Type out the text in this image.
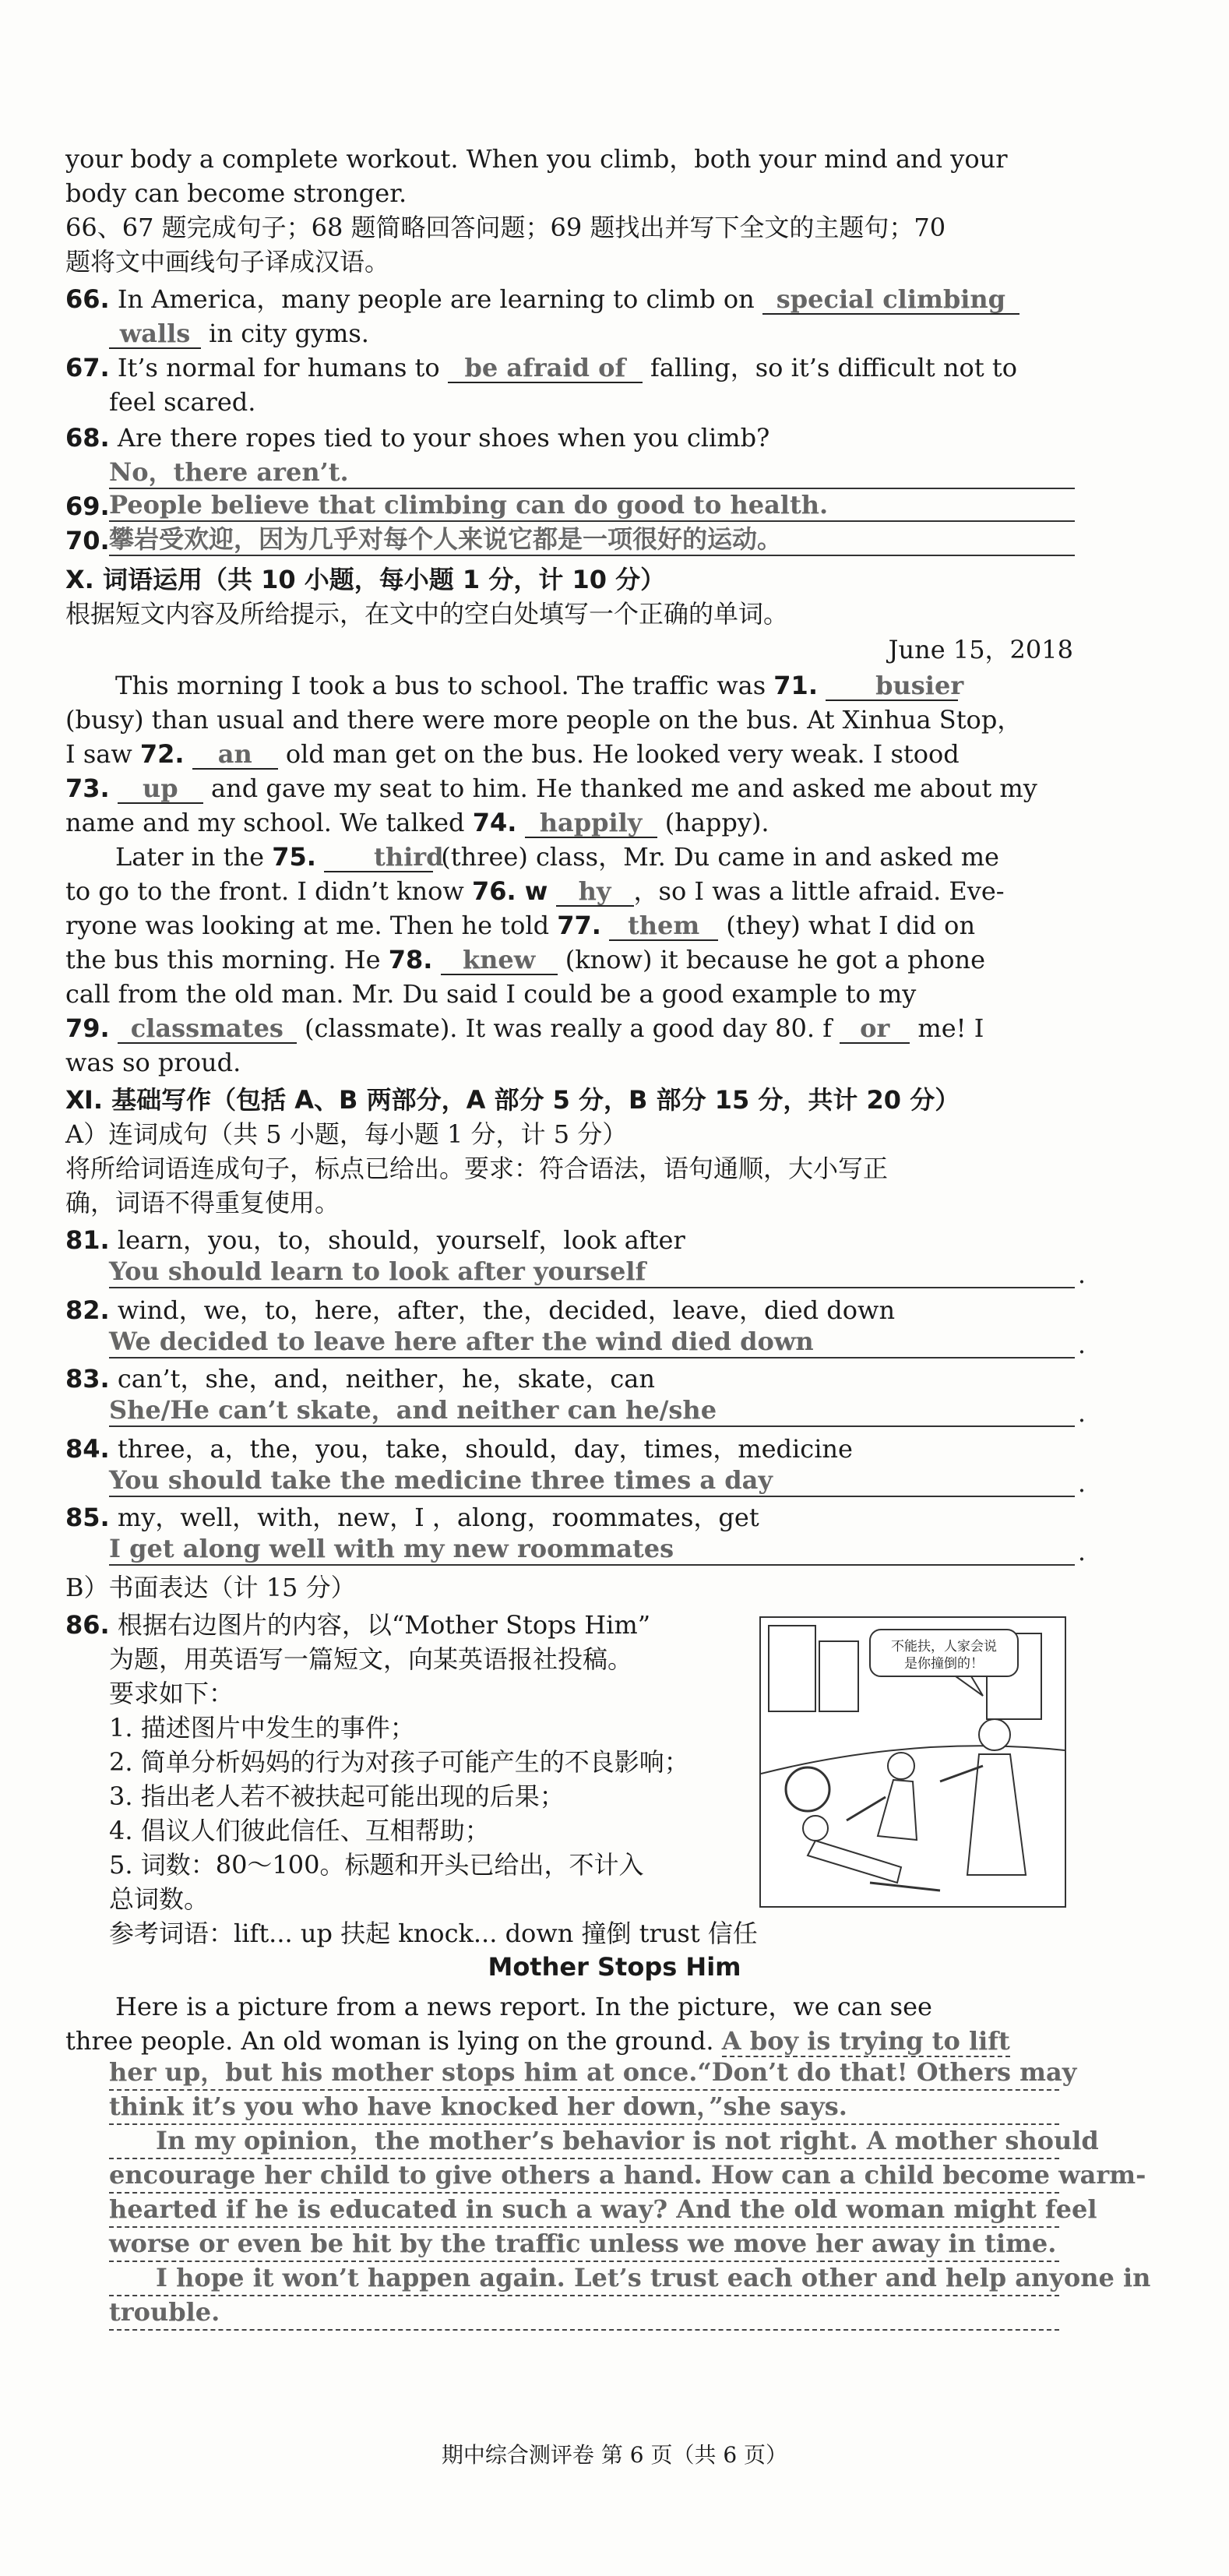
your body a complete workout. When you climb，both your mind and your
body can become stronger.
66、67 题完成句子；68 题简略回答问题；69 题找出并写下全文的主题句；70
题将文中画线句子译成汉语。
66. In America，many people are learning to climb on special climbing
walls in city gyms.
67. It’s normal for humans to be afraid of falling，so it’s difficult not to
feel scared.
68. Are there ropes tied to your shoes when you climb?
No，there aren’t.
69. People believe that climbing can do good to health.
70. 攀岩受欢迎，因为几乎对每个人来说它都是一项很好的运动。
Ⅹ. 词语运用（共 10 小题，每小题 1 分，计 10 分）
根据短文内容及所给提示，在文中的空白处填写一个正确的单词。
June 15，2018
This morning I took a bus to school. The traffic was 71. busier
(busy) than usual and there were more people on the bus. At Xinhua Stop，
I saw 72. an old man get on the bus. He looked very weak. I stood
73. up and gave my seat to him. He thanked me and asked me about my
name and my school. We talked 74. happily (happy).
Later in the 75. third (three) class，Mr. Du came in and asked me
to go to the front. I didn’t know 76. w hy ，so I was a little afraid. Eve-
ryone was looking at me. Then he told 77. them (they) what I did on
the bus this morning. He 78. knew (know) it because he got a phone
call from the old man. Mr. Du said I could be a good example to my
79. classmates (classmate). It was really a good day 80. f or me! I
was so proud.
Ⅺ. 基础写作（包括 A、B 两部分，A 部分 5 分，B 部分 15 分，共计 20 分）
A）连词成句（共 5 小题，每小题 1 分，计 5 分）
将所给词语连成句子，标点已给出。要求：符合语法，语句通顺，大小写正
确，词语不得重复使用。
81. learn，you，to，should，yourself，look after
You should learn to look after yourself	.
82. wind，we，to，here，after，the，decided，leave，died down
We decided to leave here after the wind died down	.
83. can’t，she，and，neither，he，skate，can
She/He can’t skate，and neither can he/she	.
84. three，a，the，you，take，should，day，times，medicine
You should take the medicine three times a day	.
85. my，well，with，new，I ，along，roommates，get
I get along well with my new roommates	.
B）书面表达（计 15 分）
86. 根据右边图片的内容，以“Mother Stops Him”
为题，用英语写一篇短文，向某英语报社投稿。
要求如下：
1. 描述图片中发生的事件；
2. 简单分析妈妈的行为对孩子可能产生的不良影响；
3. 指出老人若不被扶起可能出现的后果；
4. 倡议人们彼此信任、互相帮助；
5. 词数：80～100。标题和开头已给出，不计入
总词数。
参考词语：lift... up 扶起 knock... down 撞倒 trust 信任
不能扶，人家会说
是你撞倒的！
Mother Stops Him
Here is a picture from a news report. In the picture，we can see
three people. An old woman is lying on the ground. A boy is trying to lift
her up，but his mother stops him at once.“Don’t do that! Others may
think it’s you who have knocked her down，”she says.
In my opinion，the mother’s behavior is not right. A mother should
encourage her child to give others a hand. How can a child become warm-
hearted if he is educated in such a way? And the old woman might feel
worse or even be hit by the traffic unless we move her away in time.
I hope it won’t happen again. Let’s trust each other and help anyone in
trouble.
期中综合测评卷 第 6 页（共 6 页）
